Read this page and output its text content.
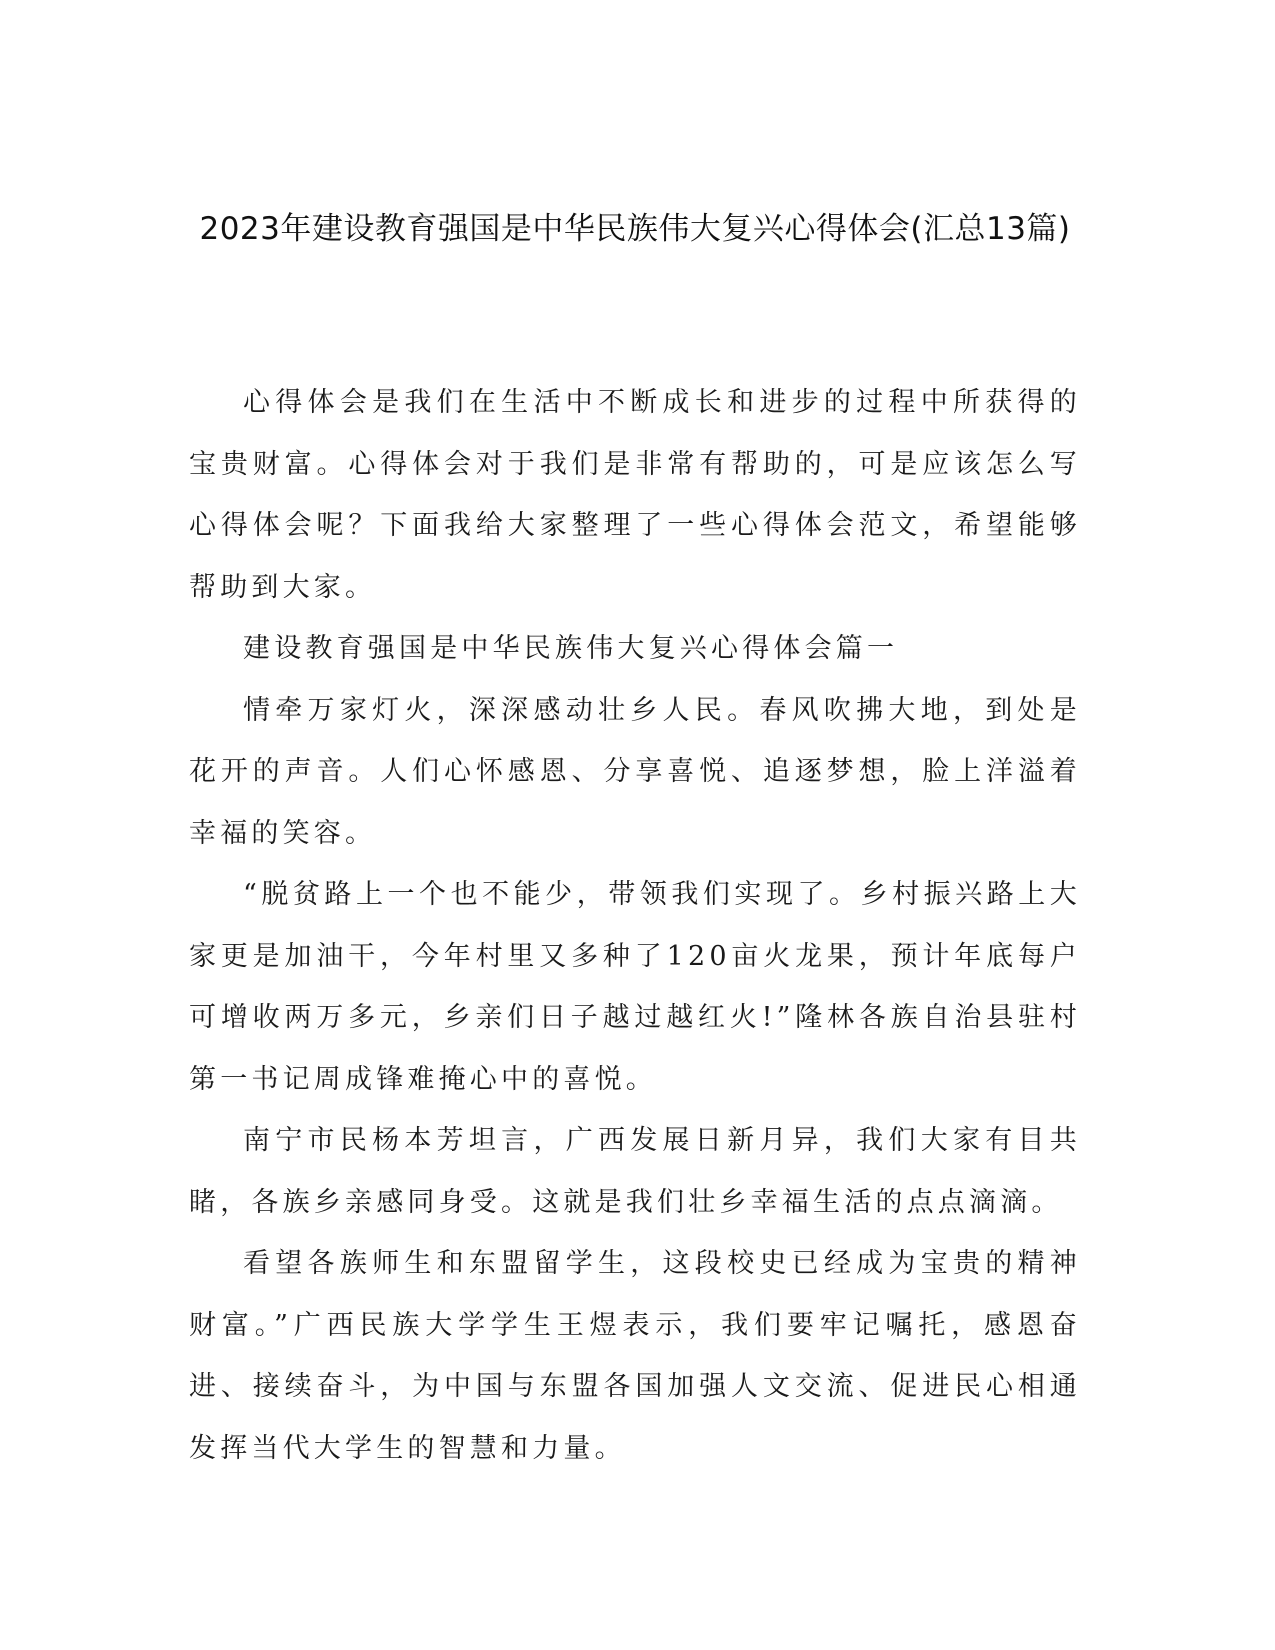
2023年建设教育强国是中华民族伟大复兴心得体会(汇总13篇)

心得体会是我们在生活中不断成长和进步的过程中所获得的宝贵财富。心得体会对于我们是非常有帮助的，可是应该怎么写心得体会呢？下面我给大家整理了一些心得体会范文，希望能够帮助到大家。

建设教育强国是中华民族伟大复兴心得体会篇一

情牵万家灯火，深深感动壮乡人民。春风吹拂大地，到处是花开的声音。人们心怀感恩、分享喜悦、追逐梦想，脸上洋溢着幸福的笑容。

“脱贫路上一个也不能少，带领我们实现了。乡村振兴路上大家更是加油干，今年村里又多种了120亩火龙果，预计年底每户可增收两万多元，乡亲们日子越过越红火!”隆林各族自治县驻村第一书记周成锋难掩心中的喜悦。

南宁市民杨本芳坦言，广西发展日新月异，我们大家有目共睹，各族乡亲感同身受。这就是我们壮乡幸福生活的点点滴滴。

看望各族师生和东盟留学生，这段校史已经成为宝贵的精神财富。”广西民族大学学生王煜表示，我们要牢记嘱托，感恩奋进、接续奋斗，为中国与东盟各国加强人文交流、促进民心相通发挥当代大学生的智慧和力量。
